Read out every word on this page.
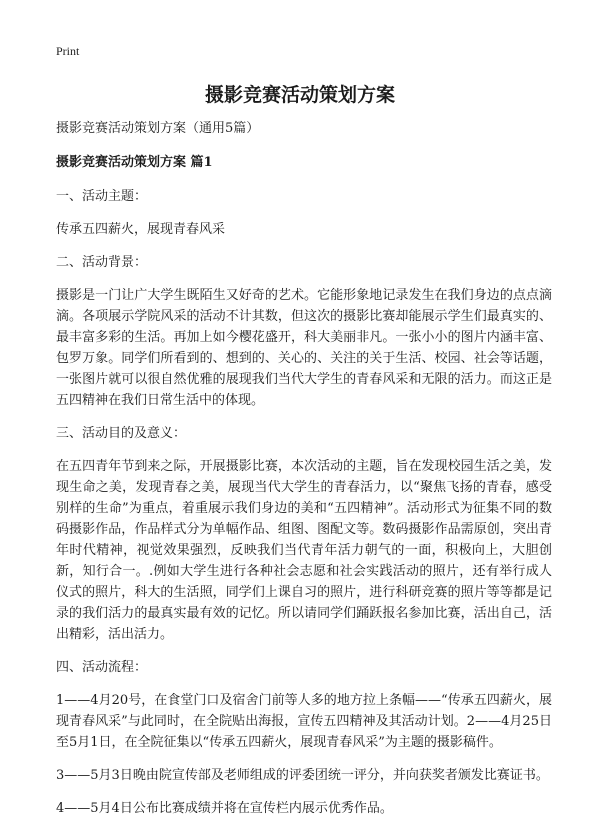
Print
摄影竞赛活动策划方案

摄影竞赛活动策划方案（通用5篇）

摄影竞赛活动策划方案 篇1

一、活动主题：

传承五四薪火，展现青春风采

二、活动背景：

摄影是一门让广大学生既陌生又好奇的艺术。它能形象地记录发生在我们身边的点点滴滴。各项展示学院风采的活动不计其数，但这次的摄影比赛却能展示学生们最真实的、最丰富多彩的生活。再加上如今樱花盛开，科大美丽非凡。一张小小的图片内涵丰富、包罗万象。同学们所看到的、想到的、关心的、关注的关于生活、校园、社会等话题，一张图片就可以很自然优雅的展现我们当代大学生的青春风采和无限的活力。而这正是五四精神在我们日常生活中的体现。

三、活动目的及意义：

在五四青年节到来之际，开展摄影比赛，本次活动的主题，旨在发现校园生活之美，发现生命之美，发现青春之美，展现当代大学生的青春活力，以“聚焦飞扬的青春，感受别样的生命”为重点，着重展示我们身边的美和“五四精神”。活动形式为征集不同的数码摄影作品，作品样式分为单幅作品、组图、图配文等。数码摄影作品需原创，突出青年时代精神，视觉效果强烈，反映我们当代青年活力朝气的一面，积极向上，大胆创新，知行合一。.例如大学生进行各种社会志愿和社会实践活动的照片，还有举行成人仪式的照片，科大的生活照，同学们上课自习的照片，进行科研竞赛的照片等等都是记录的我们活力的最真实最有效的记忆。所以请同学们踊跃报名参加比赛，活出自己，活出精彩，活出活力。

四、活动流程：

1——4月20号，在食堂门口及宿舍门前等人多的地方拉上条幅——“传承五四薪火，展现青春风采”与此同时，在全院贴出海报，宣传五四精神及其活动计划。2——4月25日至5月1日，在全院征集以“传承五四薪火，展现青春风采”为主题的摄影稿件。

3——5月3日晚由院宣传部及老师组成的评委团统一评分，并向获奖者颁发比赛证书。

4——5月4日公布比赛成绩并将在宣传栏内展示优秀作品。
